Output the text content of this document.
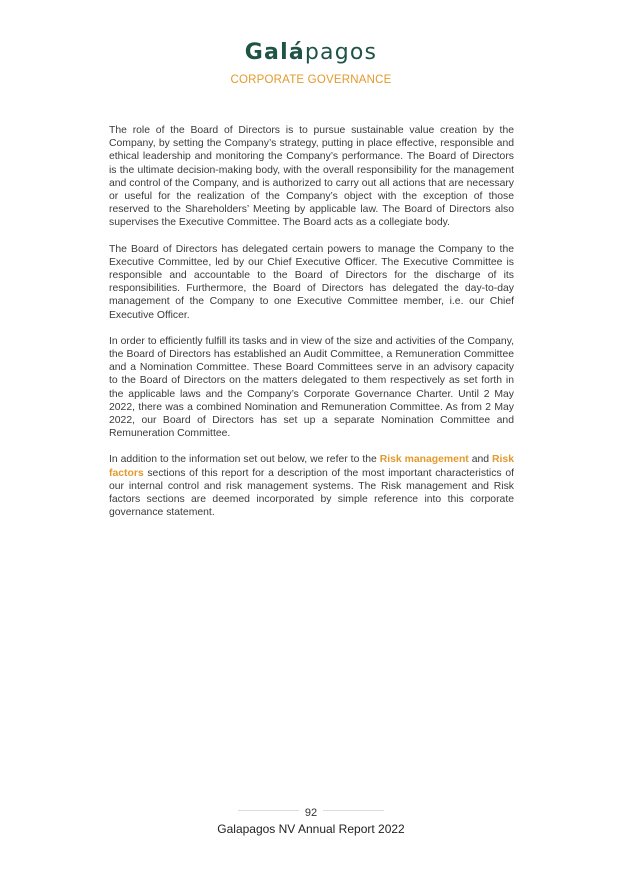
Galápagos
CORPORATE GOVERNANCE

The role of the Board of Directors is to pursue sustainable value creation by the Company, by setting the Company’s strategy, putting in place effective, responsible and ethical leadership and monitoring the Company’s performance. The Board of Directors is the ultimate decision-making body, with the overall responsibility for the management and control of the Company, and is authorized to carry out all actions that are necessary or useful for the realization of the Company’s object with the exception of those reserved to the Shareholders’ Meeting by applicable law. The Board of Directors also supervises the Executive Committee. The Board acts as a collegiate body.

The Board of Directors has delegated certain powers to manage the Company to the Executive Committee, led by our Chief Executive Officer. The Executive Committee is responsible and accountable to the Board of Directors for the discharge of its responsibilities. Furthermore, the Board of Directors has delegated the day-to-day management of the Company to one Executive Committee member, i.e. our Chief Executive Officer.

In order to efficiently fulfill its tasks and in view of the size and activities of the Company, the Board of Directors has established an Audit Committee, a Remuneration Committee and a Nomination Committee. These Board Committees serve in an advisory capacity to the Board of Directors on the matters delegated to them respectively as set forth in the applicable laws and the Company’s Corporate Governance Charter. Until 2 May 2022, there was a combined Nomination and Remuneration Committee. As from 2 May 2022, our Board of Directors has set up a separate Nomination Committee and Remuneration Committee.

In addition to the information set out below, we refer to the Risk management and Risk factors sections of this report for a description of the most important characteristics of our internal control and risk management systems. The Risk management and Risk factors sections are deemed incorporated by simple reference into this corporate governance statement.

92
Galapagos NV Annual Report 2022
